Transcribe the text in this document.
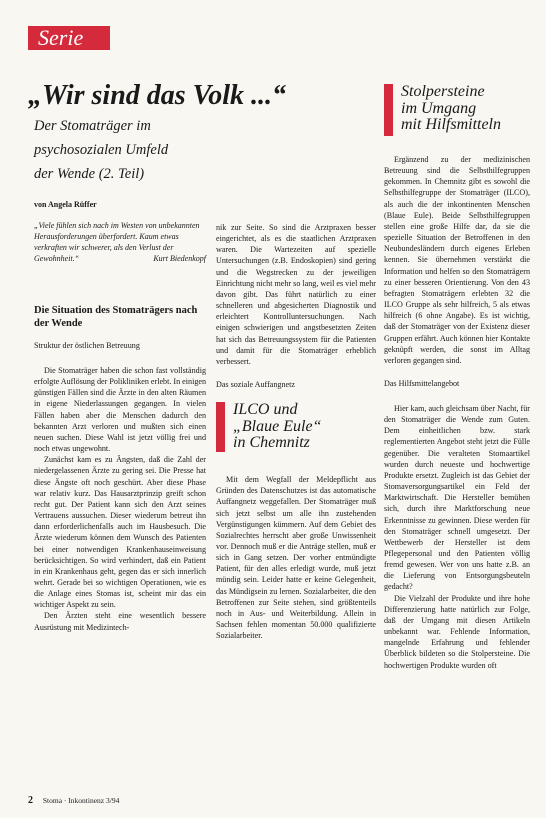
Serie
„Wir sind das Volk ...“
Der Stomaträger im
psychosozialen Umfeld
der Wende (2. Teil)
von Angela Rüffer
„Viele fühlen sich nach im Westen von unbekannten Herausforderungen überfordert. Kaum etwas verkraften wir schwerer, als den Verlust der Gewohnheit.“	Kurt Biedenkopf
Die Situation des Stomaträgers nach der Wende
Struktur der östlichen Betreuung

Die Stomaträger haben die schon fast vollständig erfolgte Auflösung der Polikliniken erlebt. In einigen günstigen Fällen sind die Ärzte in den alten Räumen in eigene Niederlassungen gegangen. In vielen Fällen haben aber die Menschen dadurch den bekannten Arzt verloren und mußten sich einen neuen suchen. Diese Wahl ist jetzt völlig frei und noch etwas ungewohnt.

Zunächst kam es zu Ängsten, daß die Zahl der niedergelassenen Ärzte zu gering sei. Die Presse hat diese Ängste oft noch geschürt. Aber diese Phase war relativ kurz. Das Hausarztprinzip greift schon recht gut. Der Patient kann sich den Arzt seines Vertrauens aussuchen. Dieser wiederum betreut ihn dann erforderlichenfalls auch im Hausbesuch. Die Ärzte wiederum können dem Wunsch des Patienten bei einer notwendigen Krankenhauseinweisung berücksichtigen. So wird verhindert, daß ein Patient in ein Krankenhaus geht, gegen das er sich innerlich wehrt. Gerade bei so wichtigen Operationen, wie es die Anlage eines Stomas ist, scheint mir das ein wichtiger Aspekt zu sein.

Den Ärzten steht eine wesentlich bessere Ausrüstung mit Medizintech-

nik zur Seite. So sind die Arztpraxen besser eingerichtet, als es die staatlichen Arztpraxen waren. Die Wartezeiten auf spezielle Untersuchungen (z.B. Endoskopien) sind gering und die Wegstrecken zu der jeweiligen Einrichtung nicht mehr so lang, weil es viel mehr davon gibt. Das führt natürlich zu einer schnelleren und abgesicherten Diagnostik und erleichtert Kontrolluntersuchungen. Nach einigen schwierigen und angstbesetzten Zeiten hat sich das Betreuungssystem für die Patienten und damit für die Stomaträger erheblich verbessert.

Das soziale Auffangnetz
ILCO und
„Blaue Eule“
in Chemnitz

Mit dem Wegfall der Meldepflicht aus Gründen des Datenschutzes ist das automatische Auffangnetz weggefallen. Der Stomaträger muß sich jetzt selbst um alle ihn zustehenden Vergünstigungen kümmern. Auf dem Gebiet des Sozialrechtes herrscht aber große Unwissenheit vor. Dennoch muß er die Anträge stellen, muß er sich in Gang setzen. Der vorher entmündigte Patient, für den alles erledigt wurde, muß jetzt mündig sein. Leider hatte er keine Gelegenheit, das Mündigsein zu lernen. Sozialarbeiter, die den Betroffenen zur Seite stehen, sind größtenteils noch in Aus- und Weiterbildung. Allein in Sachsen fehlen momentan 50.000 qualifizierte Sozialarbeiter.

Stolpersteine
im Umgang
mit Hilfsmitteln

Ergänzend zu der medizinischen Betreuung sind die Selbsthilfegruppen gekommen. In Chemnitz gibt es sowohl die Selbsthilfegruppe der Stomaträger (ILCO), als auch die der inkontinenten Menschen (Blaue Eule). Beide Selbsthilfegruppen stellen eine große Hilfe dar, da sie die spezielle Situation der Betroffenen in den Neubundesländern durch eigenes Erleben kennen. Sie übernehmen verstärkt die Information und helfen so den Stomaträgern zu einer besseren Orientierung. Von den 43 befragten Stomaträgern erlebten 32 die ILCO Gruppe als sehr hilfreich, 5 als etwas hilfreich (6 ohne Angabe). Es ist wichtig, daß der Stomaträger von der Existenz dieser Gruppen erfährt. Auch können hier Kontakte geknüpft werden, die sonst im Alltag verloren gegangen sind.

Das Hilfsmittelangebot

Hier kam, auch gleichsam über Nacht, für den Stomaträger die Wende zum Guten. Dem einheitlichen bzw. stark reglementierten Angebot steht jetzt die Fülle gegenüber. Die veralteten Stomaartikel wurden durch neueste und hochwertige Produkte ersetzt. Zugleich ist das Gebiet der Stomaversorgungsartikel ein Feld der Marktwirtschaft. Die Hersteller bemühen sich, durch ihre Marktforschung neue Erkenntnisse zu gewinnen. Diese werden für den Stomaträger schnell umgesetzt. Der Wettbewerb der Hersteller ist dem Pflegepersonal und den Patienten völlig fremd gewesen. Wer von uns hatte z.B. an die Lieferung von Entsorgungsbeuteln gedacht?

Die Vielzahl der Produkte und ihre hohe Differenzierung hatte natürlich zur Folge, daß der Umgang mit diesen Artikeln unbekannt war. Fehlende Information, mangelnde Erfahrung und fehlender Überblick bildeten so die Stolpersteine. Die hochwertigen Produkte wurden oft

2 Stoma · Inkontinenz 3/94
